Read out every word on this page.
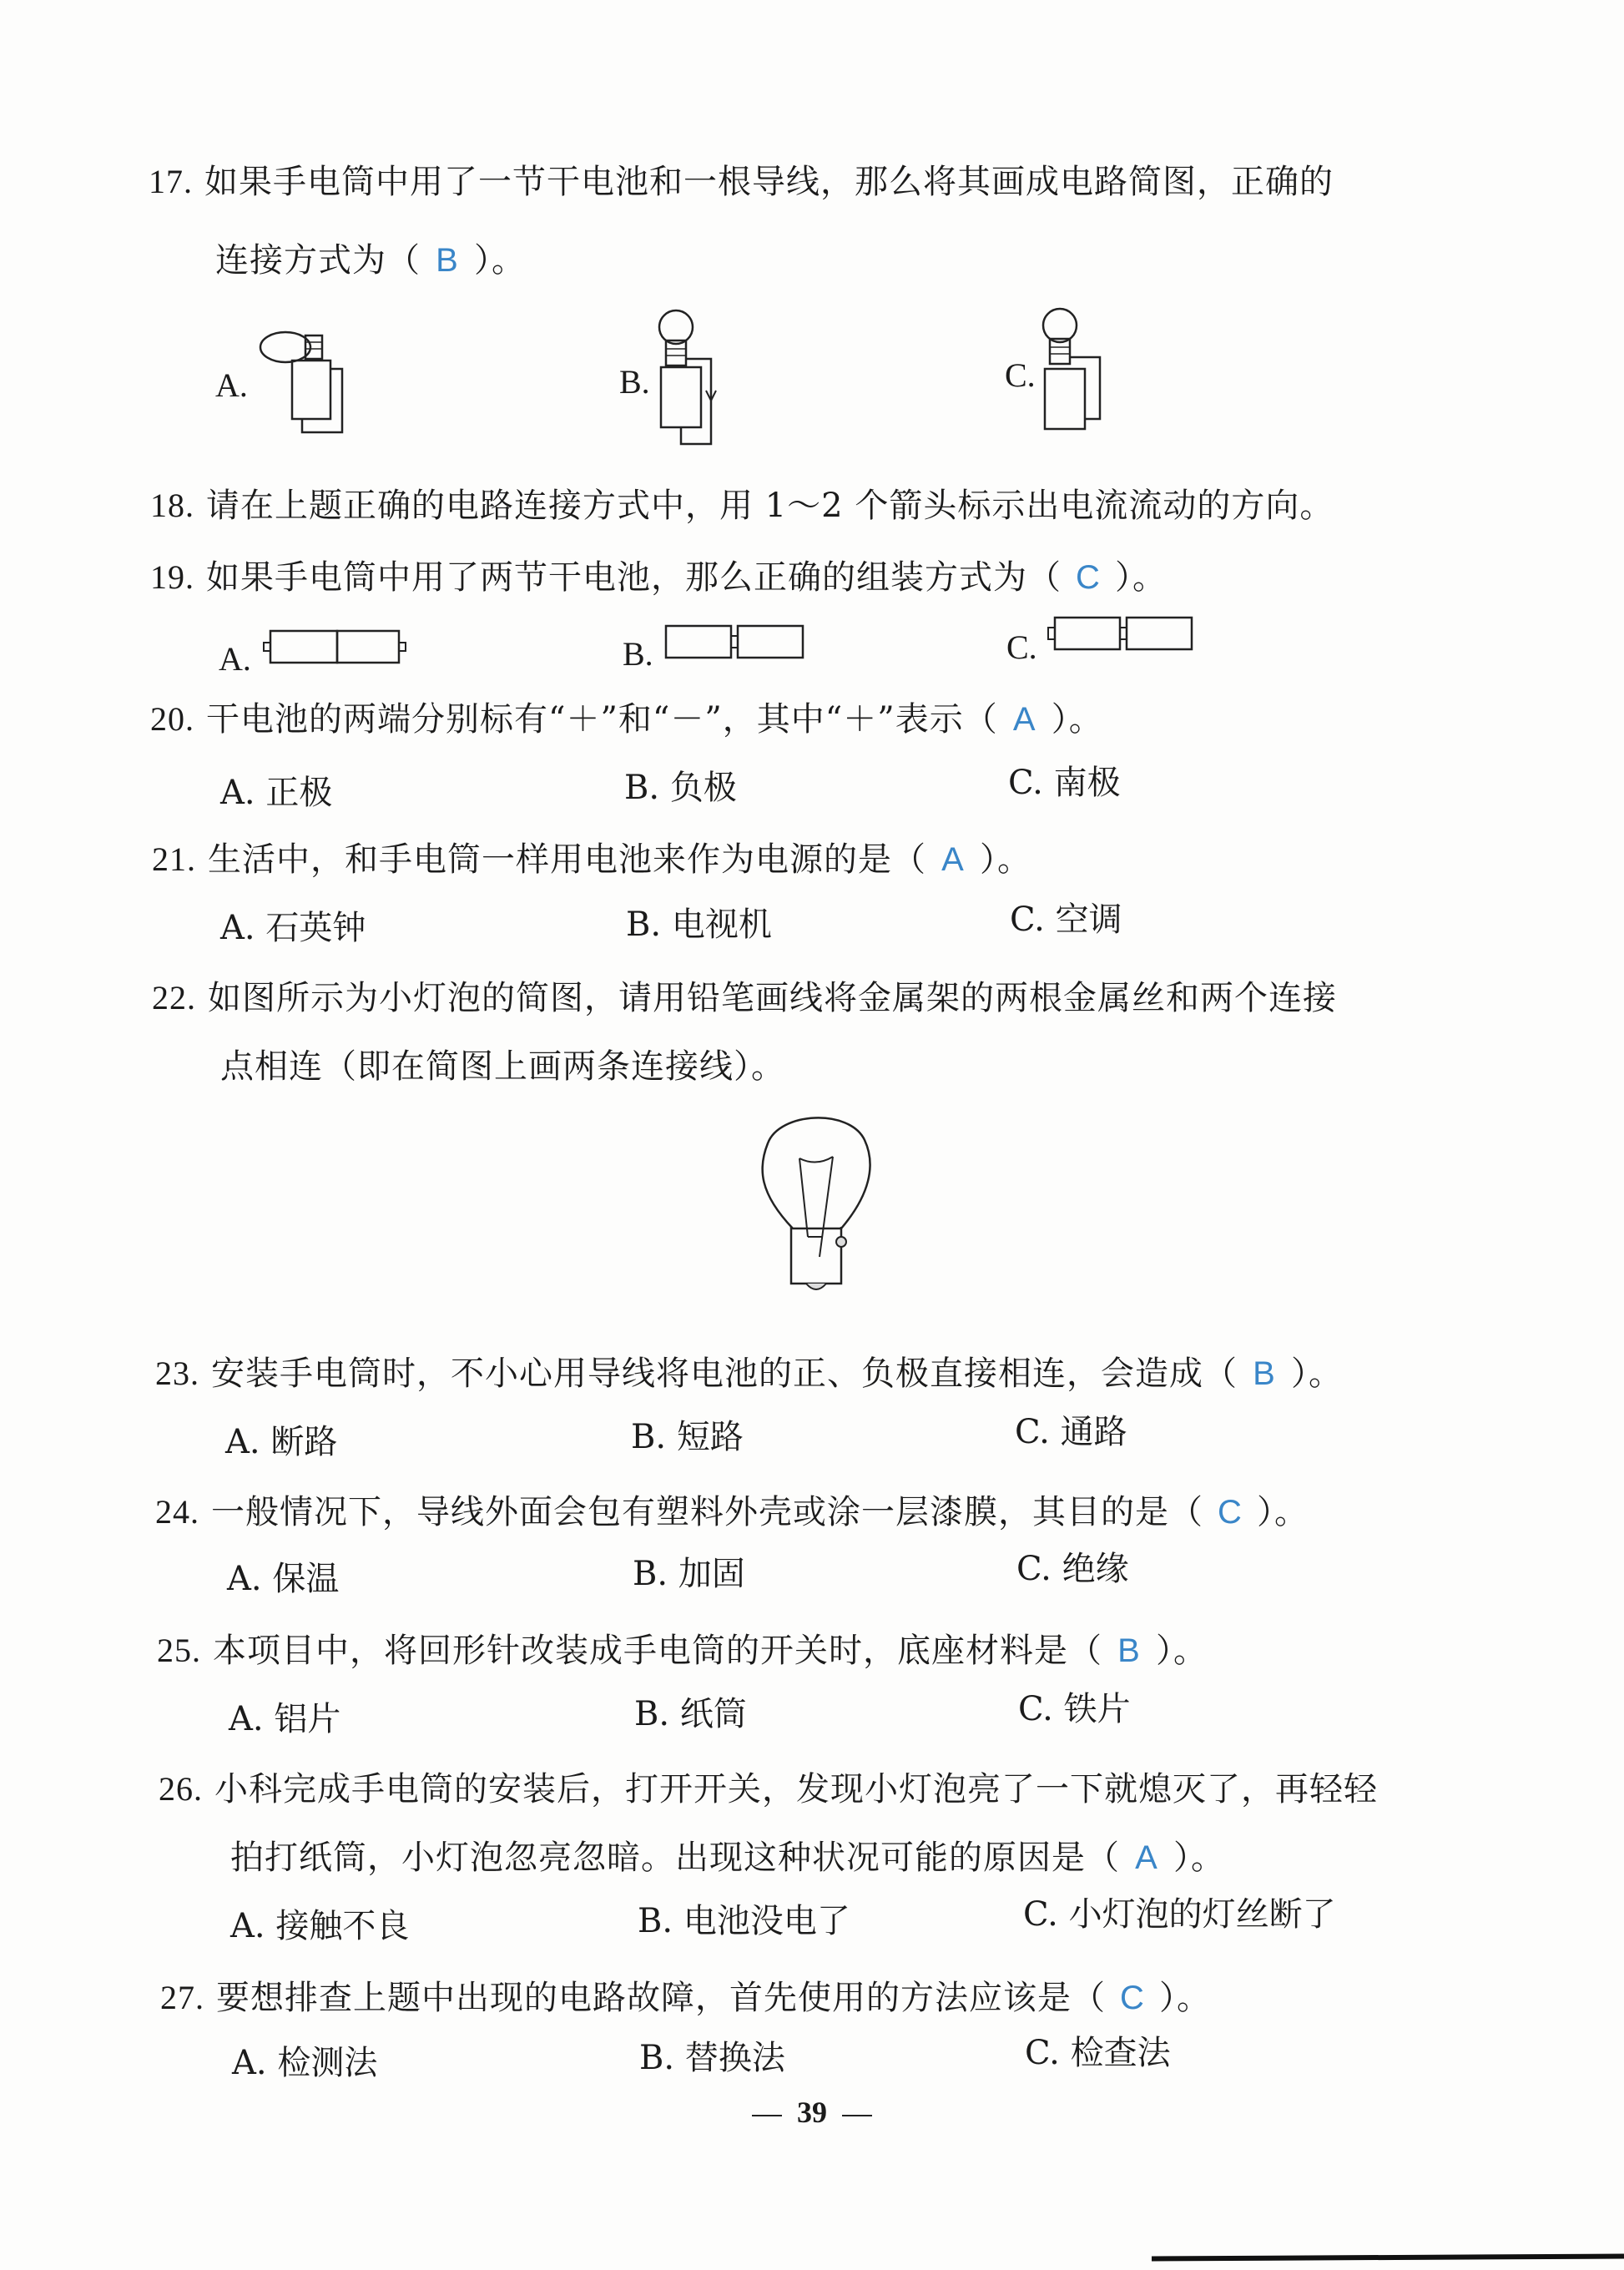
17. 如果手电筒中用了一节干电池和一根导线，那么将其画成电路简图，正确的
连接方式为（ B ）。
A.	B.	C.
18. 请在上题正确的电路连接方式中，用 1～2 个箭头标示出电流流动的方向。
19. 如果手电筒中用了两节干电池，那么正确的组装方式为（ C ）。
A.	B.	C.
20. 干电池的两端分别标有“＋”和“－”，其中“＋”表示（ A ）。
A. 正极	B. 负极	C. 南极
21. 生活中，和手电筒一样用电池来作为电源的是（ A ）。
A. 石英钟	B. 电视机	C. 空调
22. 如图所示为小灯泡的简图，请用铅笔画线将金属架的两根金属丝和两个连接
点相连（即在简图上画两条连接线）。
23. 安装手电筒时，不小心用导线将电池的正、负极直接相连，会造成（ B ）。
A. 断路	B. 短路	C. 通路
24. 一般情况下，导线外面会包有塑料外壳或涂一层漆膜，其目的是（ C ）。
A. 保温	B. 加固	C. 绝缘
25. 本项目中，将回形针改装成手电筒的开关时，底座材料是（ B ）。
A. 铝片	B. 纸筒	C. 铁片
26. 小科完成手电筒的安装后，打开开关，发现小灯泡亮了一下就熄灭了，再轻轻
拍打纸筒，小灯泡忽亮忽暗。出现这种状况可能的原因是（ A ）。
A. 接触不良	B. 电池没电了	C. 小灯泡的灯丝断了
27. 要想排查上题中出现的电路故障，首先使用的方法应该是（ C ）。
A. 检测法	B. 替换法	C. 检查法
39
